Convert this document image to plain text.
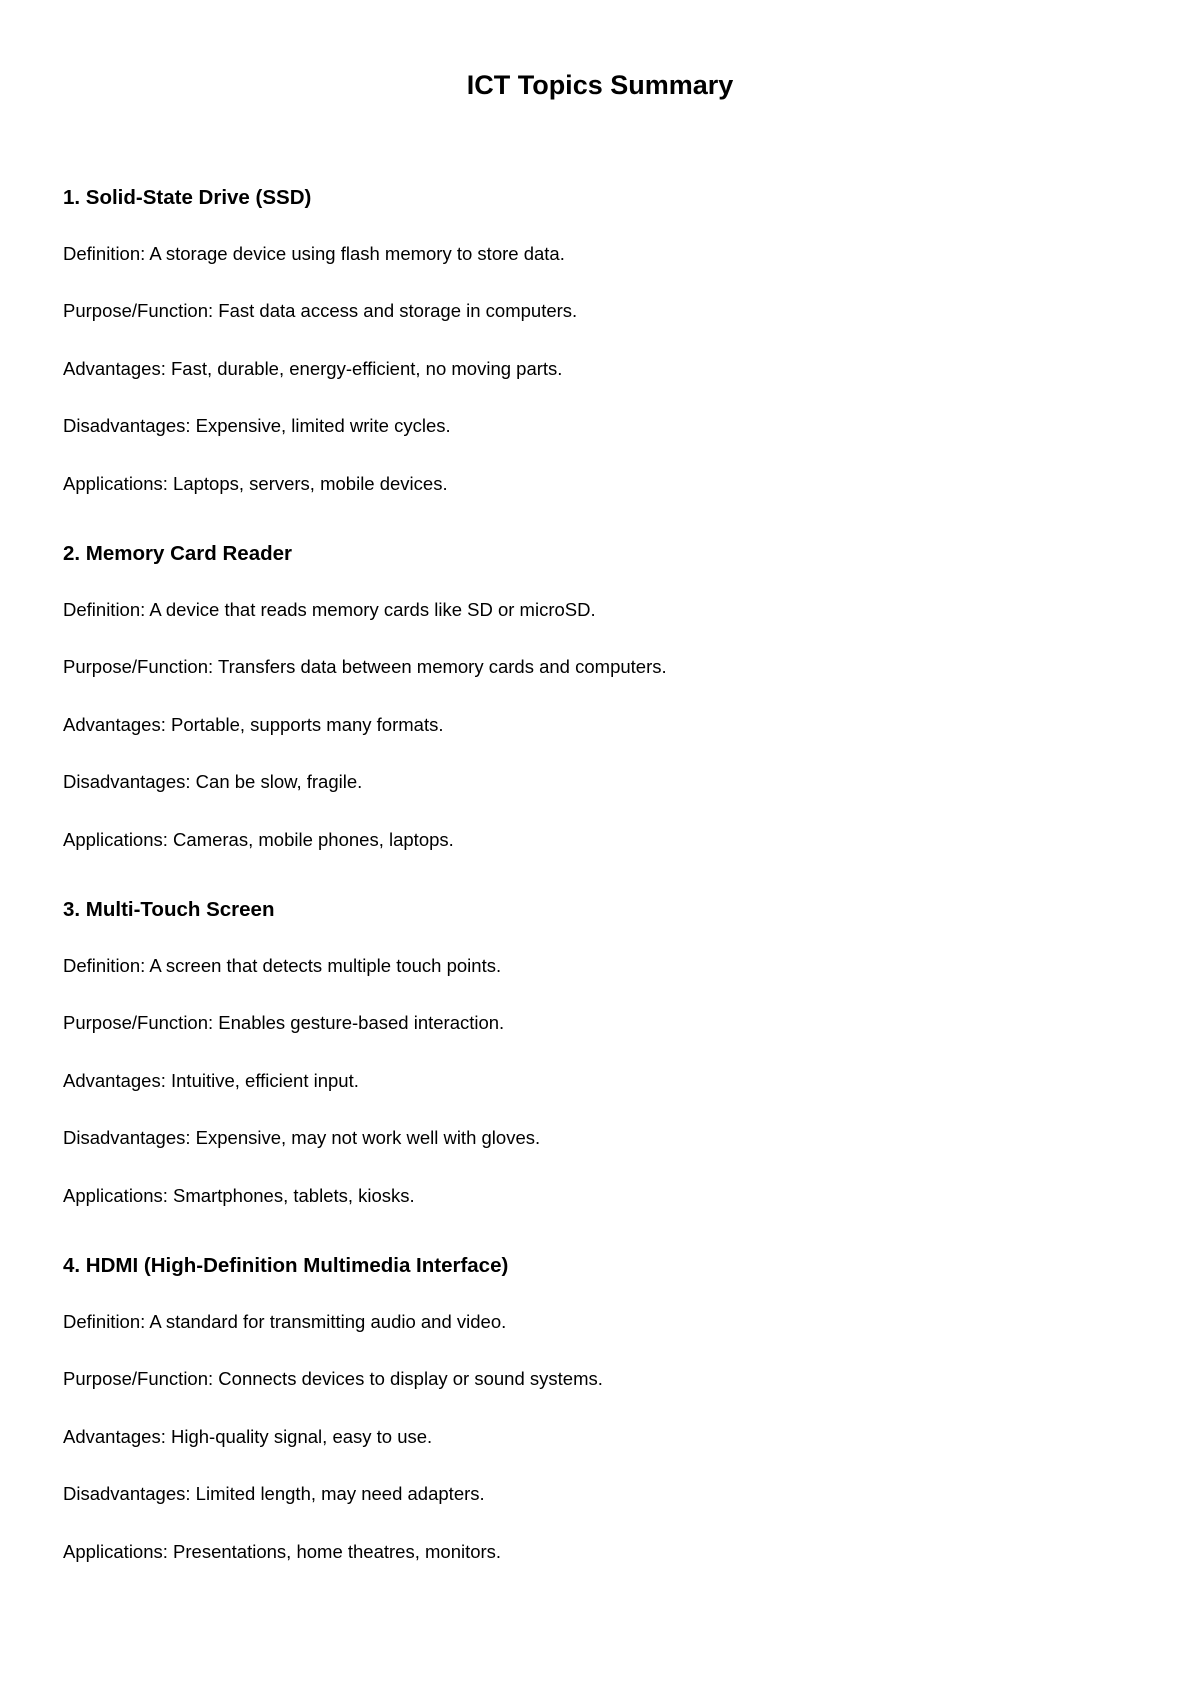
ICT Topics Summary
1. Solid-State Drive (SSD)

Definition : A storage device using flash memory to store data.

Purpose/Function : Fast data access and storage in computers.

Advantages : Fast, durable, energy-efficient, no moving parts.

Disadvantages : Expensive, limited write cycles.

Applications : Laptops, servers, mobile devices.

2. Memory Card Reader

Definition : A device that reads memory cards like SD or microSD.

Purpose/Function : Transfers data between memory cards and computers.

Advantages : Portable, supports many formats.

Disadvantages : Can be slow, fragile.

Applications : Cameras, mobile phones, laptops.

3. Multi-Touch Screen

Definition : A screen that detects multiple touch points.

Purpose/Function : Enables gesture-based interaction.

Advantages : Intuitive, efficient input.

Disadvantages : Expensive, may not work well with gloves.

Applications : Smartphones, tablets, kiosks.

4. HDMI (High-Definition Multimedia Interface)

Definition : A standard for transmitting audio and video.

Purpose/Function : Connects devices to display or sound systems.

Advantages : High-quality signal, easy to use.

Disadvantages : Limited length, may need adapters.

Applications : Presentations, home theatres, monitors.
